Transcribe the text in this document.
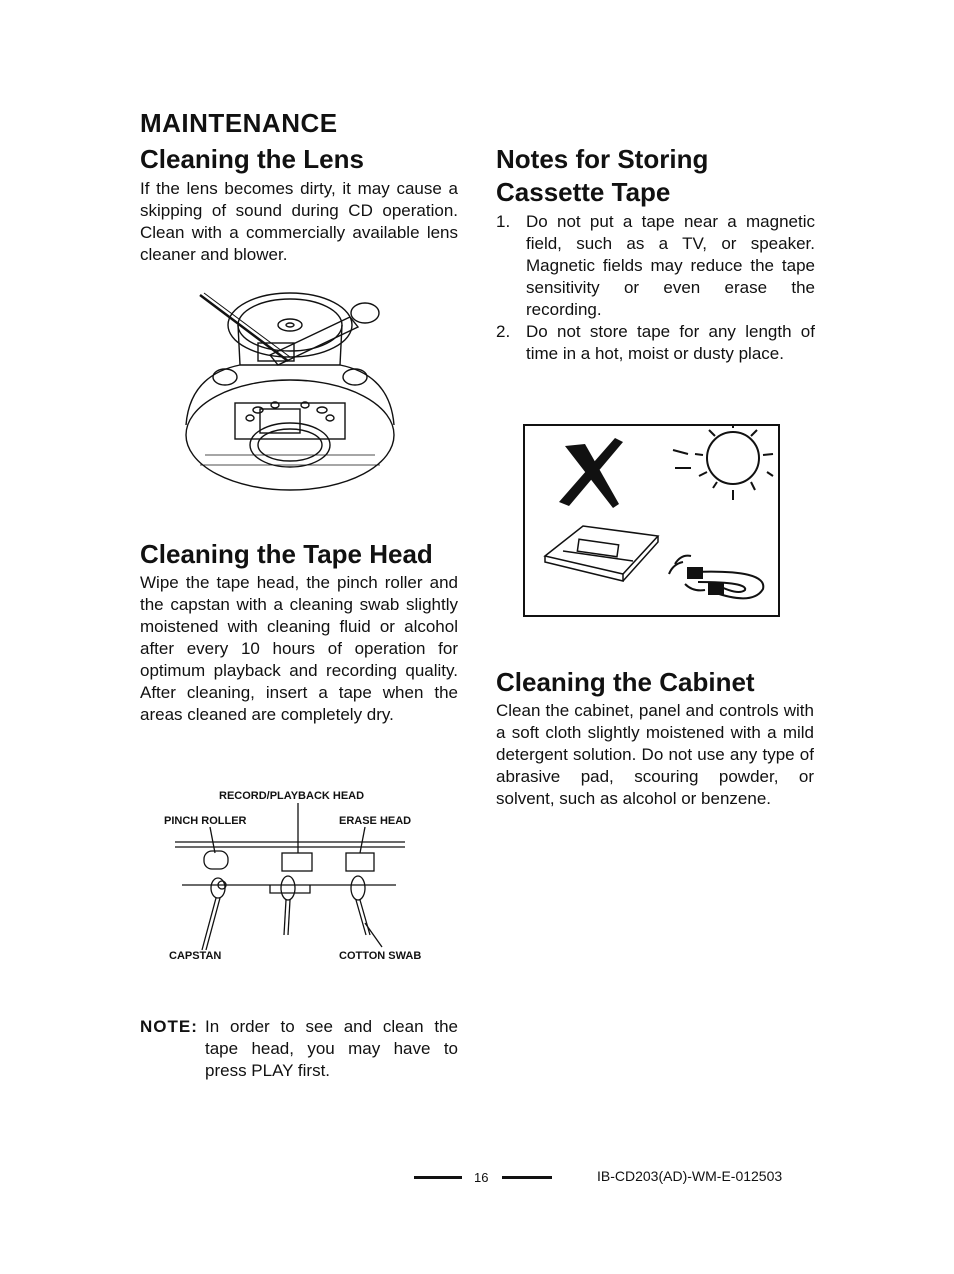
MAINTENANCE
Cleaning the Lens

If the lens becomes dirty, it may cause a skipping of sound during CD operation. Clean with a commercially available lens cleaner and blower.

Cleaning the Tape Head

Wipe the tape head, the pinch roller and the capstan with a cleaning swab slightly moistened with cleaning fluid or alcohol after every 10 hours of operation for optimum playback and recording quality. After cleaning, insert a tape when the areas cleaned are completely dry.

RECORD/PLAYBACK HEAD
PINCH ROLLER	ERASE HEAD
CAPSTAN	COTTON SWAB
NOTE: In order to see and clean the tape head, you may have to press PLAY first.

Notes for Storing
Cassette Tape
1. Do not put a tape near a magnetic field, such as a TV, or speaker. Magnetic fields may reduce the tape sensitivity or even erase the recording.
2. Do not store tape for any length of time in a hot, moist or dusty place.
Cleaning the Cabinet

Clean the cabinet, panel and controls with a soft cloth slightly moistened with a mild detergent solution. Do not use any type of abrasive pad, scouring powder, or solvent, such as alcohol or benzene.

16	IB-CD203(AD)-WM-E-012503
